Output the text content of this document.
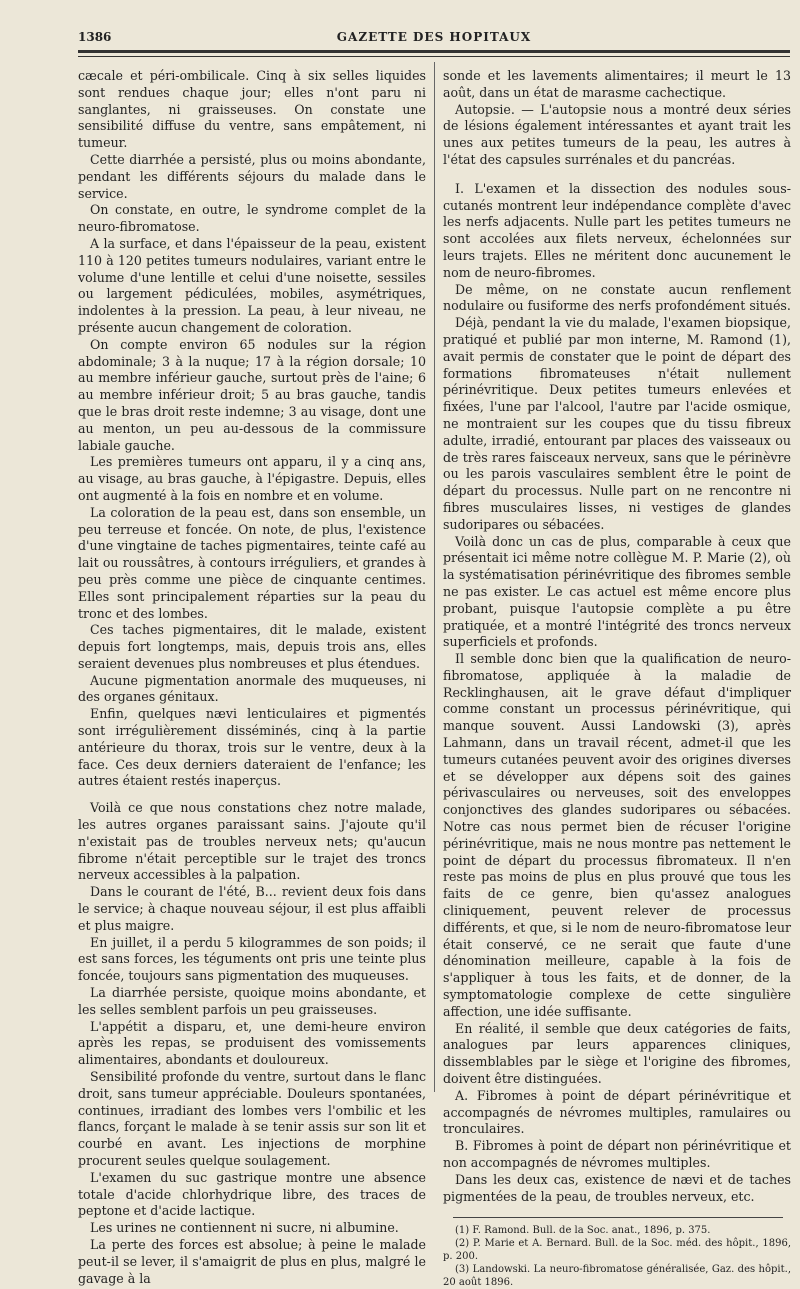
1386	GAZETTE DES HOPITAUX

cæcale et péri-ombilicale. Cinq à six selles liquides sont rendues chaque jour; elles n'ont paru ni sanglantes, ni graisseuses. On constate une sensibilité diffuse du ventre, sans empâtement, ni tumeur.

Cette diarrhée a persisté, plus ou moins abondante, pendant les différents séjours du malade dans le service.

On constate, en outre, le syndrome complet de la neuro-fibromatose.

A la surface, et dans l'épaisseur de la peau, existent 110 à 120 petites tumeurs nodulaires, variant entre le volume d'une lentille et celui d'une noisette, sessiles ou largement pédiculées, mobiles, asymétriques, indolentes à la pression. La peau, à leur niveau, ne présente aucun changement de coloration.

On compte environ 65 nodules sur la région abdominale; 3 à la nuque; 17 à la région dorsale; 10 au membre inférieur gauche, surtout près de l'aine; 6 au membre inférieur droit; 5 au bras gauche, tandis que le bras droit reste indemne; 3 au visage, dont une au menton, un peu au-dessous de la commissure labiale gauche.

Les premières tumeurs ont apparu, il y a cinq ans, au visage, au bras gauche, à l'épigastre. Depuis, elles ont augmenté à la fois en nombre et en volume.

La coloration de la peau est, dans son ensemble, un peu terreuse et foncée. On note, de plus, l'existence d'une vingtaine de taches pigmentaires, teinte café au lait ou roussâtres, à contours irréguliers, et grandes à peu près comme une pièce de cinquante centimes. Elles sont principalement réparties sur la peau du tronc et des lombes.

Ces taches pigmentaires, dit le malade, existent depuis fort longtemps, mais, depuis trois ans, elles seraient devenues plus nombreuses et plus étendues.

Aucune pigmentation anormale des muqueuses, ni des organes génitaux.

Enfin, quelques nævi lenticulaires et pigmentés sont irrégulièrement disséminés, cinq à la partie antérieure du thorax, trois sur le ventre, deux à la face. Ces deux derniers dateraient de l'enfance; les autres étaient restés inaperçus.

Voilà ce que nous constations chez notre malade, les autres organes paraissant sains. J'ajoute qu'il n'existait pas de troubles nerveux nets; qu'aucun fibrome n'était perceptible sur le trajet des troncs nerveux accessibles à la palpation.

Dans le courant de l'été, B... revient deux fois dans le service; à chaque nouveau séjour, il est plus affaibli et plus maigre.

En juillet, il a perdu 5 kilogrammes de son poids; il est sans forces, les téguments ont pris une teinte plus foncée, toujours sans pigmentation des muqueuses.

La diarrhée persiste, quoique moins abondante, et les selles semblent parfois un peu graisseuses.

L'appétit a disparu, et, une demi-heure environ après les repas, se produisent des vomissements alimentaires, abondants et douloureux.

Sensibilité profonde du ventre, surtout dans le flanc droit, sans tumeur appréciable. Douleurs spontanées, continues, irradiant des lombes vers l'ombilic et les flancs, forçant le malade à se tenir assis sur son lit et courbé en avant. Les injections de morphine procurent seules quelque soulagement.

L'examen du suc gastrique montre une absence totale d'acide chlorhydrique libre, des traces de peptone et d'acide lactique.

Les urines ne contiennent ni sucre, ni albumine.

La perte des forces est absolue; à peine le malade peut-il se lever, il s'amaigrit de plus en plus, malgré le gavage à la

sonde et les lavements alimentaires; il meurt le 13 août, dans un état de marasme cachectique.

Autopsie. — L'autopsie nous a montré deux séries de lésions également intéressantes et ayant trait les unes aux petites tumeurs de la peau, les autres à l'état des capsules surrénales et du pancréas.

I. L'examen et la dissection des nodules sous-cutanés montrent leur indépendance complète d'avec les nerfs adjacents. Nulle part les petites tumeurs ne sont accolées aux filets nerveux, échelonnées sur leurs trajets. Elles ne méritent donc aucunement le nom de neuro-fibromes.

De même, on ne constate aucun renflement nodulaire ou fusiforme des nerfs profondément situés.

Déjà, pendant la vie du malade, l'examen biopsique, pratiqué et publié par mon interne, M. Ramond (1), avait permis de constater que le point de départ des formations fibromateuses n'était nullement périnévritique. Deux petites tumeurs enlevées et fixées, l'une par l'alcool, l'autre par l'acide osmique, ne montraient sur les coupes que du tissu fibreux adulte, irradié, entourant par places des vaisseaux ou de très rares faisceaux nerveux, sans que le périnèvre ou les parois vasculaires semblent être le point de départ du processus. Nulle part on ne rencontre ni fibres musculaires lisses, ni vestiges de glandes sudoripares ou sébacées.

Voilà donc un cas de plus, comparable à ceux que présentait ici même notre collègue M. P. Marie (2), où la systématisation périnévritique des fibromes semble ne pas exister. Le cas actuel est même encore plus probant, puisque l'autopsie complète a pu être pratiquée, et a montré l'intégrité des troncs nerveux superficiels et profonds.

Il semble donc bien que la qualification de neuro-fibromatose, appliquée à la maladie de Recklinghausen, ait le grave défaut d'impliquer comme constant un processus périnévritique, qui manque souvent. Aussi Landowski (3), après Lahmann, dans un travail récent, admet-il que les tumeurs cutanées peuvent avoir des origines diverses et se développer aux dépens soit des gaines périvasculaires ou nerveuses, soit des enveloppes conjonctives des glandes sudoripares ou sébacées. Notre cas nous permet bien de récuser l'origine périnévritique, mais ne nous montre pas nettement le point de départ du processus fibromateux. Il n'en reste pas moins de plus en plus prouvé que tous les faits de ce genre, bien qu'assez analogues cliniquement, peuvent relever de processus différents, et que, si le nom de neuro-fibromatose leur était conservé, ce ne serait que faute d'une dénomination meilleure, capable à la fois de s'appliquer à tous les faits, et de donner, de la symptomatologie complexe de cette singulière affection, une idée suffisante.

En réalité, il semble que deux catégories de faits, analogues par leurs apparences cliniques, dissemblables par le siège et l'origine des fibromes, doivent être distinguées.

A. Fibromes à point de départ périnévritique et accompagnés de névromes multiples, ramulaires ou tronculaires.

B. Fibromes à point de départ non périnévritique et non accompagnés de névromes multiples.

Dans les deux cas, existence de nævi et de taches pigmentées de la peau, de troubles nerveux, etc.

(1) F. Ramond. Bull. de la Soc. anat., 1896, p. 375.

(2) P. Marie et A. Bernard. Bull. de la Soc. méd. des hôpit., 1896, p. 200.

(3) Landowski. La neuro-fibromatose généralisée, Gaz. des hôpit., 20 août 1896.
